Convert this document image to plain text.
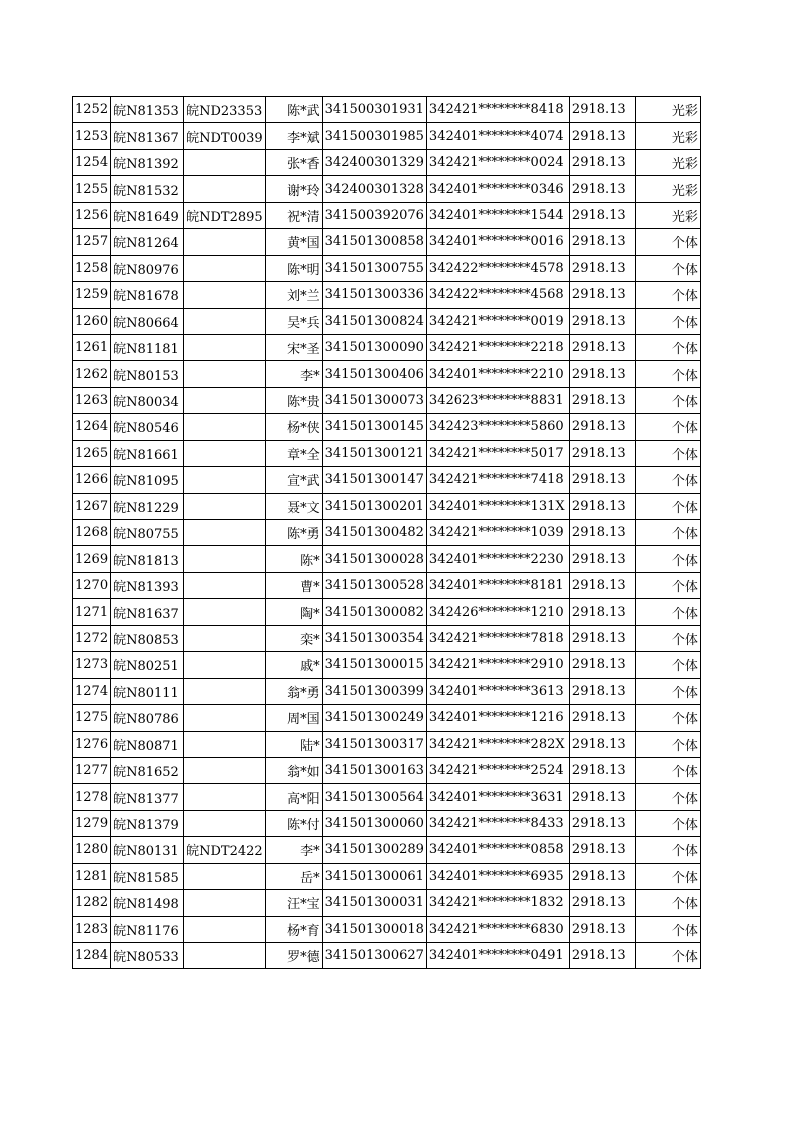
1252	皖N81353	皖ND23353	陈*武	341500301931	342421********8418	2918.13	光彩
1253	皖N81367	皖NDT0039	李*斌	341500301985	342401********4074	2918.13	光彩
1254	皖N81392		张*香	342400301329	342421********0024	2918.13	光彩
1255	皖N81532		谢*玲	342400301328	342401********0346	2918.13	光彩
1256	皖N81649	皖NDT2895	祝*清	341500392076	342401********1544	2918.13	光彩
1257	皖N81264		黄*国	341501300858	342401********0016	2918.13	个体
1258	皖N80976		陈*明	341501300755	342422********4578	2918.13	个体
1259	皖N81678		刘*兰	341501300336	342422********4568	2918.13	个体
1260	皖N80664		吴*兵	341501300824	342421********0019	2918.13	个体
1261	皖N81181		宋*圣	341501300090	342421********2218	2918.13	个体
1262	皖N80153		李*	341501300406	342401********2210	2918.13	个体
1263	皖N80034		陈*贵	341501300073	342623********8831	2918.13	个体
1264	皖N80546		杨*侠	341501300145	342423********5860	2918.13	个体
1265	皖N81661		章*全	341501300121	342421********5017	2918.13	个体
1266	皖N81095		宣*武	341501300147	342421********7418	2918.13	个体
1267	皖N81229		聂*文	341501300201	342401********131X	2918.13	个体
1268	皖N80755		陈*勇	341501300482	342421********1039	2918.13	个体
1269	皖N81813		陈*	341501300028	342401********2230	2918.13	个体
1270	皖N81393		曹*	341501300528	342401********8181	2918.13	个体
1271	皖N81637		陶*	341501300082	342426********1210	2918.13	个体
1272	皖N80853		栾*	341501300354	342421********7818	2918.13	个体
1273	皖N80251		戚*	341501300015	342421********2910	2918.13	个体
1274	皖N80111		翁*勇	341501300399	342401********3613	2918.13	个体
1275	皖N80786		周*国	341501300249	342401********1216	2918.13	个体
1276	皖N80871		陆*	341501300317	342421********282X	2918.13	个体
1277	皖N81652		翁*如	341501300163	342421********2524	2918.13	个体
1278	皖N81377		高*阳	341501300564	342401********3631	2918.13	个体
1279	皖N81379		陈*付	341501300060	342421********8433	2918.13	个体
1280	皖N80131	皖NDT2422	李*	341501300289	342401********0858	2918.13	个体
1281	皖N81585		岳*	341501300061	342401********6935	2918.13	个体
1282	皖N81498		汪*宝	341501300031	342421********1832	2918.13	个体
1283	皖N81176		杨*育	341501300018	342421********6830	2918.13	个体
1284	皖N80533		罗*德	341501300627	342401********0491	2918.13	个体
